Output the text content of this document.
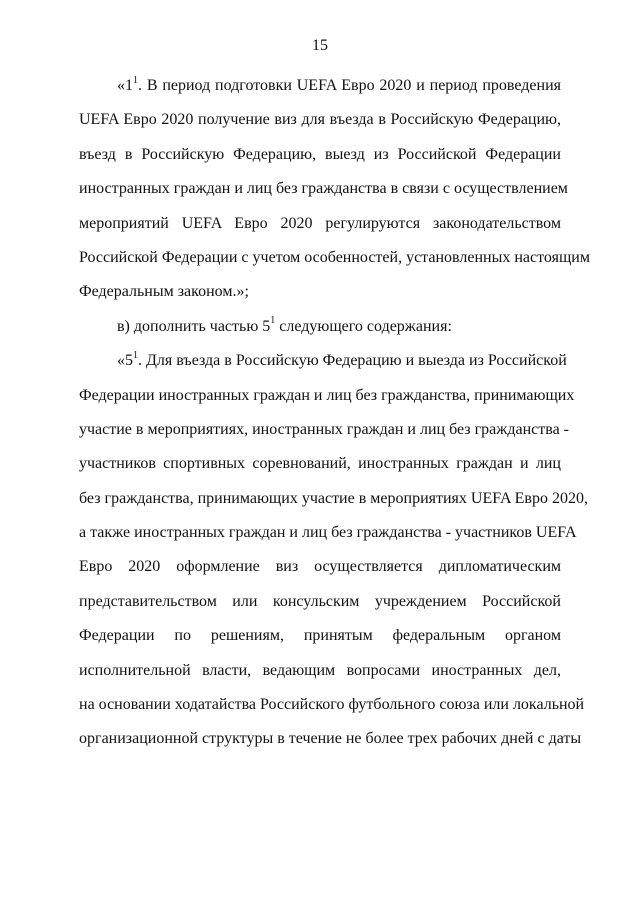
15
«$1^1$. В период подготовки UEFA Евро 2020 и период проведения
UEFA Евро 2020 получение виз для въезда в Российскую Федерацию,
въезд в Российскую Федерацию, выезд из Российской Федерации
иностранных граждан и лиц без гражданства в связи с осуществлением
мероприятий UEFA Евро 2020 регулируются законодательством
Российской Федерации с учетом особенностей, установленных настоящим
Федеральным законом.»;
в) дополнить частью $5^1$ следующего содержания:
«$5^1$. Для въезда в Российскую Федерацию и выезда из Российской
Федерации иностранных граждан и лиц без гражданства, принимающих
участие в мероприятиях, иностранных граждан и лиц без гражданства -
участников спортивных соревнований, иностранных граждан и лиц
без гражданства, принимающих участие в мероприятиях UEFA Евро 2020,
а также иностранных граждан и лиц без гражданства - участников UEFA
Евро 2020 оформление виз осуществляется дипломатическим
представительством или консульским учреждением Российской
Федерации по решениям, принятым федеральным органом
исполнительной власти, ведающим вопросами иностранных дел,
на основании ходатайства Российского футбольного союза или локальной
организационной структуры в течение не более трех рабочих дней с даты
